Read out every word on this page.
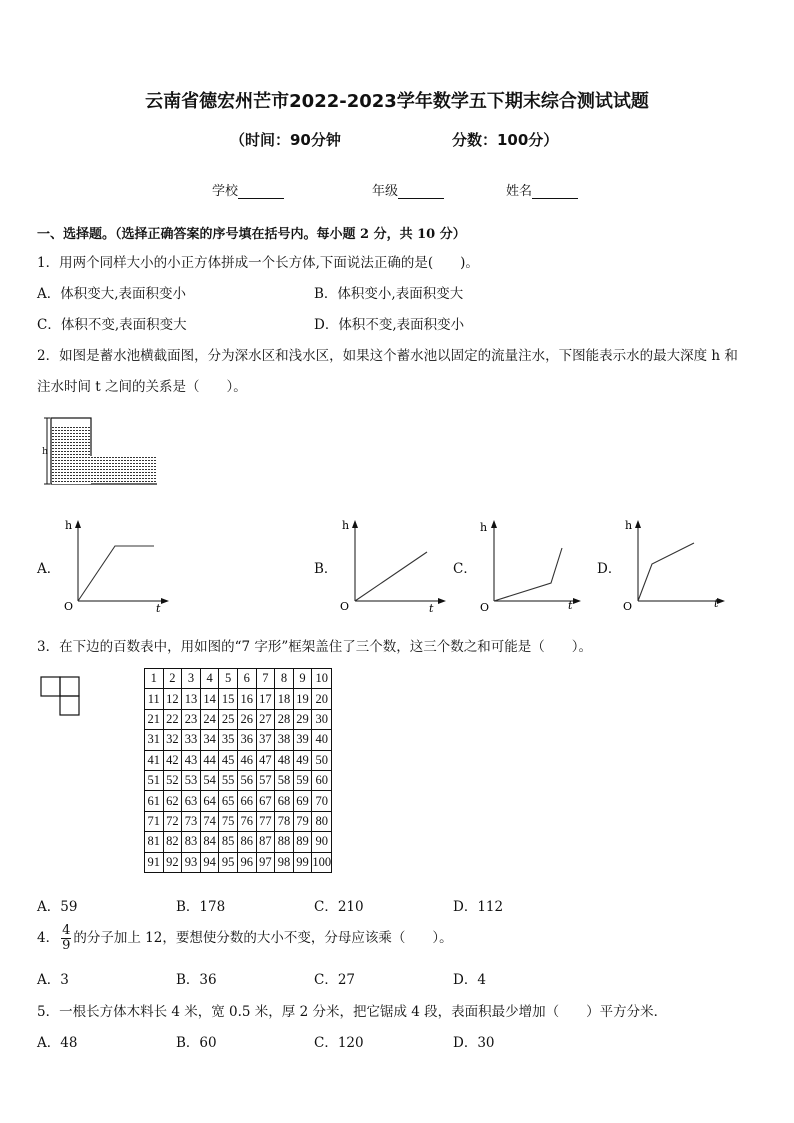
云南省德宏州芒市2022-2023学年数学五下期末综合测试试题
（时间：90分钟	分数：100分）
学校	年级	姓名
一、选择题。（选择正确答案的序号填在括号内。每小题 2 分，共 10 分）
1．用两个同样大小的小正方体拼成一个长方体,下面说法正确的是(　　)。
A．体积变大,表面积变小	B．体积变小,表面积变大
C．体积不变,表面积变大	D．体积不变,表面积变小
2．如图是蓄水池横截面图，分为深水区和浅水区，如果这个蓄水池以固定的流量注水，下图能表示水的最大深度 h 和
注水时间 t 之间的关系是（　　）。
h
A．	B．	C．	D．
h
t
O
h
t
O
h
t
O
h
t
O
3．在下边的百数表中，用如图的“7 字形”框架盖住了三个数，这三个数之和可能是（　　）。
1	2	3	4	5	6	7	8	9	10
11	12	13	14	15	16	17	18	19	20
21	22	23	24	25	26	27	28	29	30
31	32	33	34	35	36	37	38	39	40
41	42	43	44	45	46	47	48	49	50
51	52	53	54	55	56	57	58	59	60
61	62	63	64	65	66	67	68	69	70
71	72	73	74	75	76	77	78	79	80
81	82	83	84	85	86	87	88	89	90
91	92	93	94	95	96	97	98	99	100
A．59	B．178	C．210	D．112
4． $\frac{4}{9}$ 的分子加上 12，要想使分数的大小不变，分母应该乘（　　）。
A．3	B．36	C．27	D．4
5．一根长方体木料长 4 米，宽 0.5 米，厚 2 分米，把它锯成 4 段，表面积最少增加（　　）平方分米．
A．48	B．60	C．120	D．30
